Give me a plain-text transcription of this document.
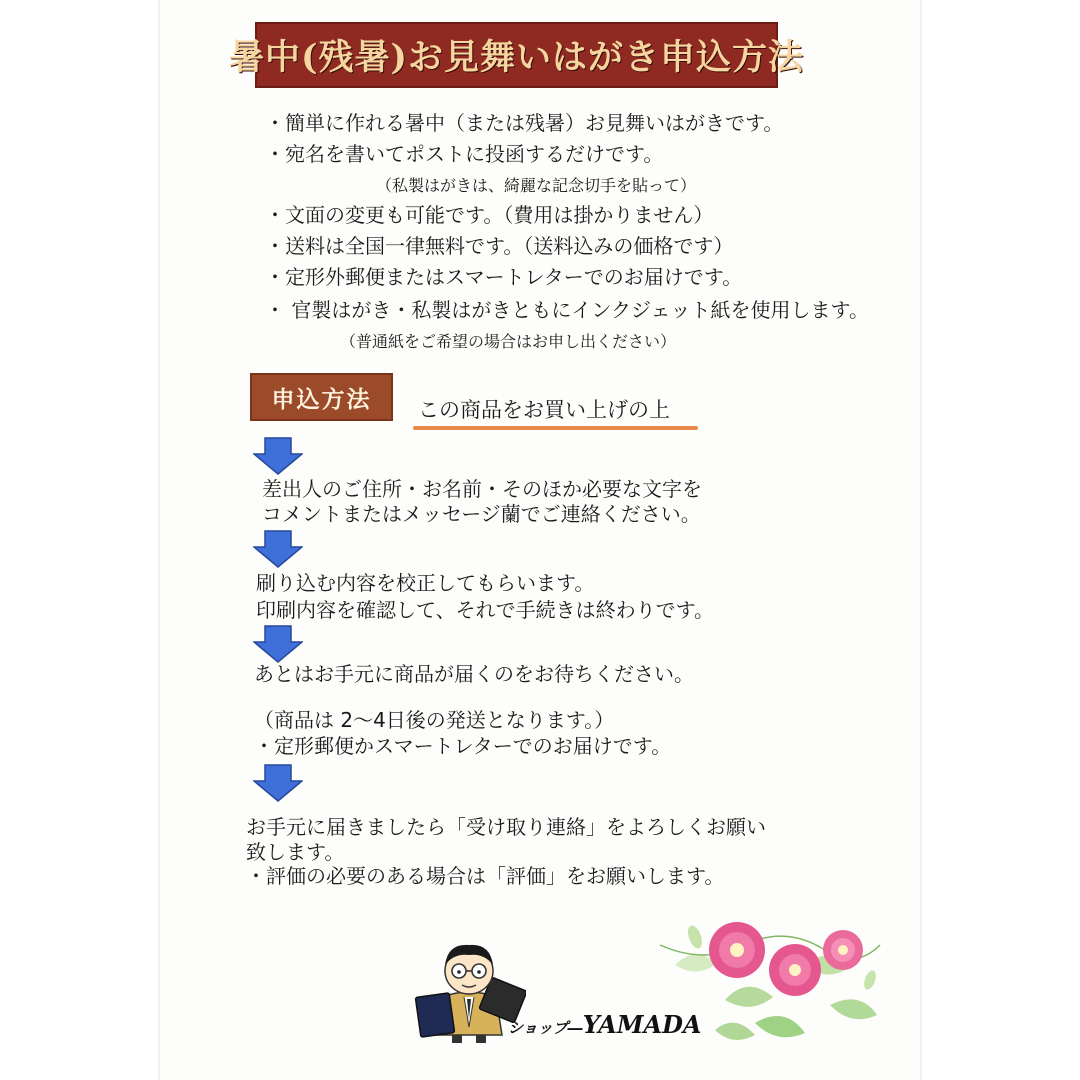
暑中(残暑)お見舞いはがき申込方法
・簡単に作れる暑中（または残暑）お見舞いはがきです。
・宛名を書いてポストに投函するだけです。
（私製はがきは、綺麗な記念切手を貼って）
・文面の変更も可能です。（費用は掛かりません）
・送料は全国一律無料です。（送料込みの価格です）
・定形外郵便またはスマートレターでのお届けです。
・ 官製はがき・私製はがきともにインクジェット紙を使用します。
（普通紙をご希望の場合はお申し出ください）
申込方法 この商品をお買い上げの上
差出人のご住所・お名前・そのほか必要な文字を
コメントまたはメッセージ蘭でご連絡ください。
刷り込む内容を校正してもらいます。
印刷内容を確認して、それで手続きは終わりです。
あとはお手元に商品が届くのをお待ちください。
（商品は 2～4日後の発送となります。）
・定形郵便かスマートレターでのお届けです。
お手元に届きましたら「受け取り連絡」をよろしくお願い
致します。
・評価の必要のある場合は「評価」をお願いします。
ショップ―YAMADA
